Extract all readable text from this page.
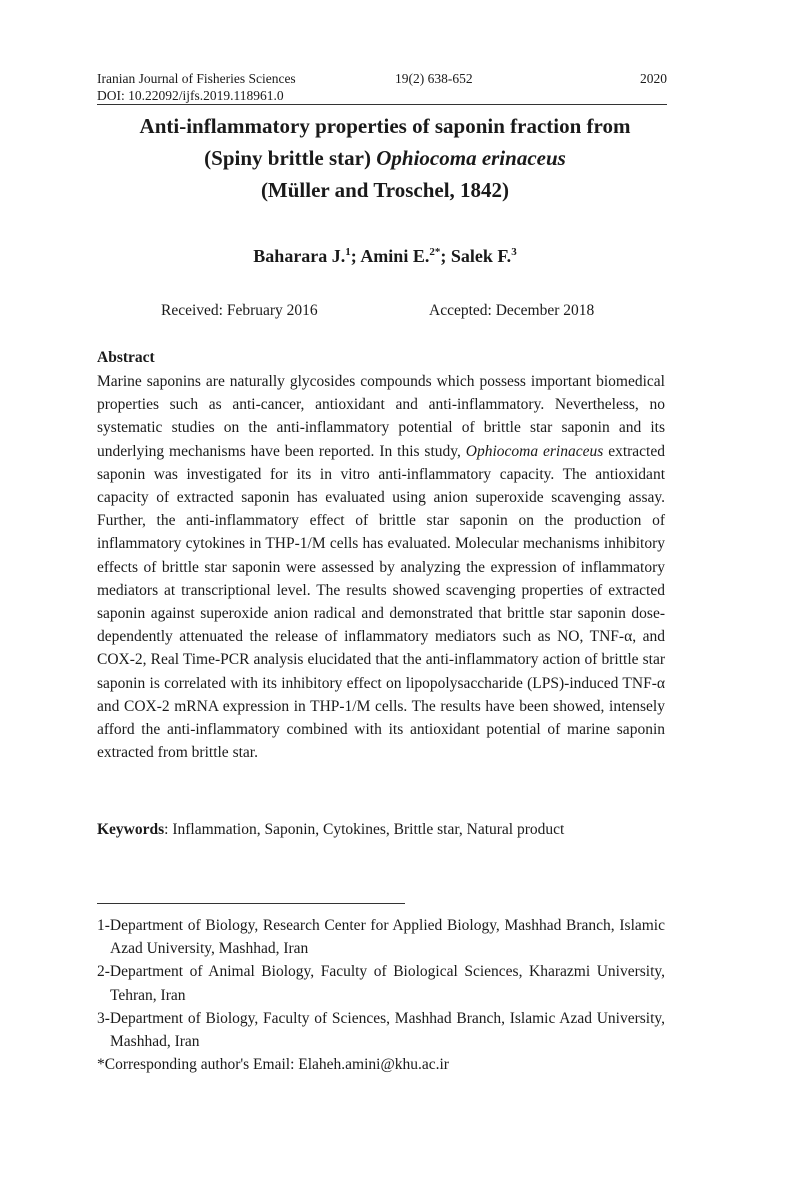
Iranian Journal of Fisheries Sciences	19(2) 638-652	2020
DOI: 10.22092/ijfs.2019.118961.0
Anti-inflammatory properties of saponin fraction from
(Spiny brittle star) Ophiocoma erinaceus
(Müller and Troschel, 1842)
Baharara J.$^1$; Amini E.$^{2*}$; Salek F.$^3$
Received: February 2016	Accepted: December 2018
Abstract
Marine saponins are naturally glycosides compounds which possess important biomedical properties such as anti-cancer, antioxidant and anti-inflammatory. Nevertheless, no systematic studies on the anti-inflammatory potential of brittle star saponin and its underlying mechanisms have been reported. In this study, Ophiocoma erinaceus extracted saponin was investigated for its in vitro anti-inflammatory capacity. The antioxidant capacity of extracted saponin has evaluated using anion superoxide scavenging assay. Further, the anti-inflammatory effect of brittle star saponin on the production of inflammatory cytokines in THP-1/M cells has evaluated. Molecular mechanisms inhibitory effects of brittle star saponin were assessed by analyzing the expression of inflammatory mediators at transcriptional level. The results showed scavenging properties of extracted saponin against superoxide anion radical and demonstrated that brittle star saponin dose-dependently attenuated the release of inflammatory mediators such as NO, TNF-α, and COX-2, Real Time-PCR analysis elucidated that the anti-inflammatory action of brittle star saponin is correlated with its inhibitory effect on lipopolysaccharide (LPS)-induced TNF-α and COX-2 mRNA expression in THP-1/M cells. The results have been showed, intensely afford the anti-inflammatory combined with its antioxidant potential of marine saponin extracted from brittle star.
Keywords: Inflammation, Saponin, Cytokines, Brittle star, Natural product
1-Department of Biology, Research Center for Applied Biology, Mashhad Branch, Islamic Azad University, Mashhad, Iran
2-Department of Animal Biology, Faculty of Biological Sciences, Kharazmi University, Tehran, Iran
3-Department of Biology, Faculty of Sciences, Mashhad Branch, Islamic Azad University, Mashhad, Iran
*Corresponding author's Email: Elaheh.amini@khu.ac.ir
